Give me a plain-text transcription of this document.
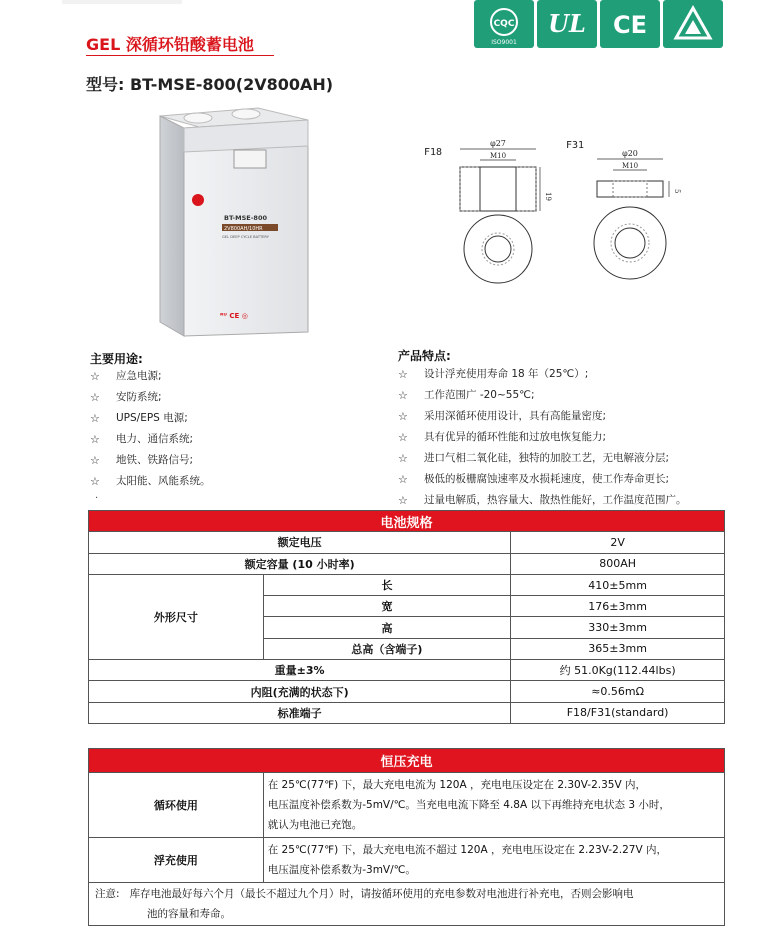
CQC
ISO9001
UL CE
GEL 深循环铅酸蓄电池
型号: BT-MSE-800(2V800AH)
BT-MSE-800
2V800AH/10HR
GEL DEEP CYCLE BATTERY
ᴿᵁ CE ◎
F18
φ27
M10
19
F31
φ20
M10
5
主要用途:
☆	应急电源;
☆	安防系统;
☆	UPS/EPS 电源;
☆	电力、通信系统;
☆	地铁、铁路信号;
☆	太阳能、风能系统。
·
产品特点:
☆	设计浮充使用寿命 18 年（25℃）;
☆	工作范围广 -20~55℃;
☆	采用深循环使用设计，具有高能量密度;
☆	具有优异的循环性能和过放电恢复能力;
☆	进口气相二氧化硅，独特的加胶工艺，无电解液分层;
☆	极低的板栅腐蚀速率及水损耗速度，使工作寿命更长;
☆	过量电解质，热容量大、散热性能好，工作温度范围广。
电池规格		
额定电压		2V
额定容量 (10 小时率)		800AH
外形尺寸	长	410±5mm
	宽	176±3mm
	高	330±3mm
	总高（含端子)	365±3mm
重量±3%		约 51.0Kg(112.44lbs)
内阻(充满的状态下)		≈0.56mΩ
标准端子		F18/F31(standard)
恒压充电	
循环使用	在 25℃(77℉) 下，最大充电电流为 120A ，充电电压设定在 2.30V-2.35V 内，
电压温度补偿系数为-5mV/℃。当充电电流下降至 4.8A 以下再维持充电状态 3 小时，
就认为电池已充饱。

浮充使用	在 25℃(77℉) 下，最大充电电流不超过 120A ，充电电压设定在 2.23V-2.27V 内，
电压温度补偿系数为-3mV/℃。

注意: 库存电池最好每六个月（最长不超过九个月）时，请按循环使用的充电参数对电池进行补充电，否则会影响电
池的容量和寿命。	
